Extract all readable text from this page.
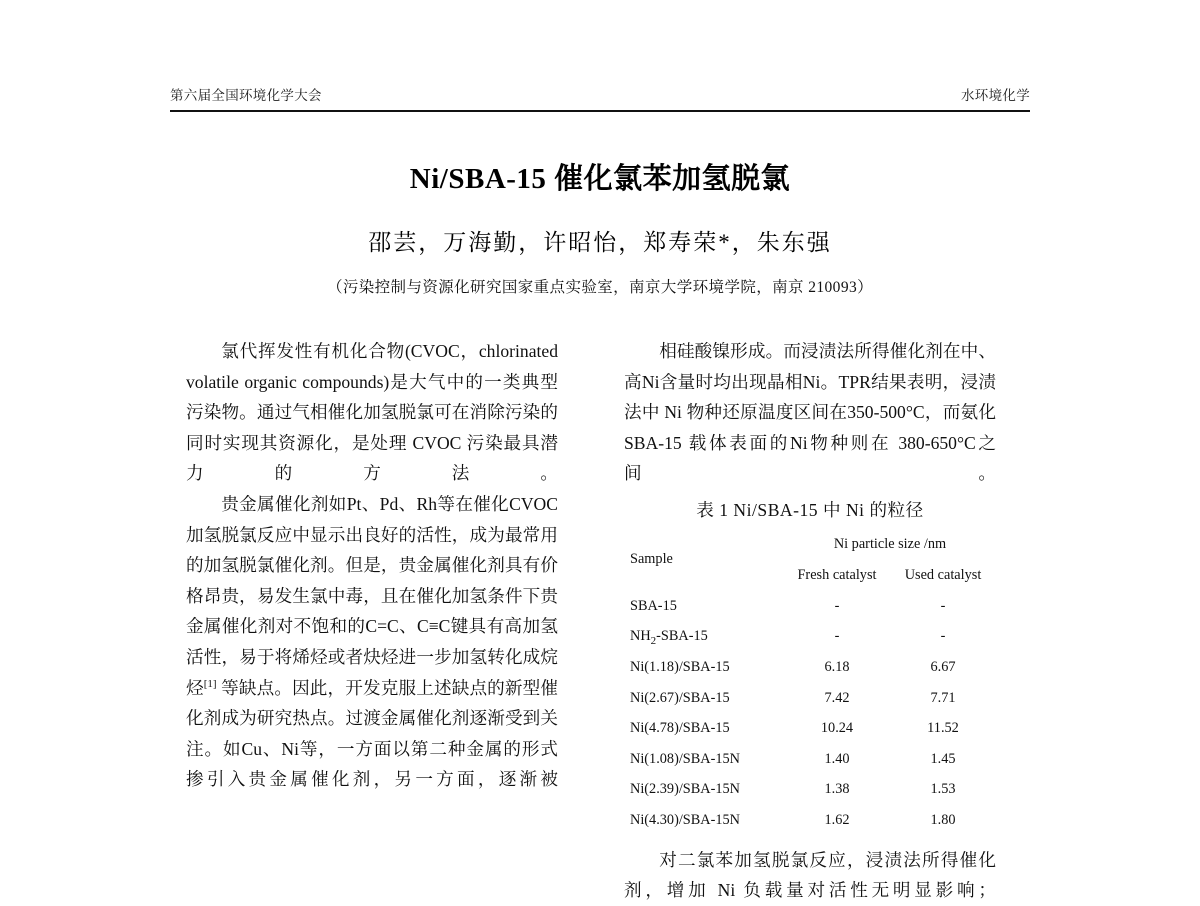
第六届全国环境化学大会	水环境化学
Ni/SBA-15 催化氯苯加氢脱氯
邵芸，万海勤，许昭怡，郑寿荣*，朱东强
（污染控制与资源化研究国家重点实验室，南京大学环境学院，南京 210093）

氯代挥发性有机化合物(CVOC，chlorinated volatile organic compounds)是大气中的一类典型污染物。通过气相催化加氢脱氯可在消除污染的同时实现其资源化，是处理 CVOC 污染最具潜力的方法。

贵金属催化剂如Pt、Pd、Rh等在催化CVOC加氢脱氯反应中显示出良好的活性，成为最常用的加氢脱氯催化剂。但是，贵金属催化剂具有价格昂贵，易发生氯中毒，且在催化加氢条件下贵金属催化剂对不饱和的C=C、C≡C键具有高加氢活性，易于将烯烃或者炔烃进一步加氢转化成烷烃[1] 等缺点。因此，开发克服上述缺点的新型催化剂成为研究热点。过渡金属催化剂逐渐受到关注。如Cu、Ni等，一方面以第二种金属的形式掺引入贵金属催化剂，另一方面，逐渐被

相硅酸镍形成。而浸渍法所得催化剂在中、高Ni含量时均出现晶相Ni。TPR结果表明，浸渍法中 Ni 物种还原温度区间在350-500°C，而氨化SBA-15 载体表面的Ni物种则在 380-650°C之间。

表 1 Ni/SBA-15 中 Ni 的粒径
Sample	Ni particle size /nm	
	Fresh catalyst	Used catalyst
SBA-15	-	-
$NH_2-SBA-15$	-	-
Ni(1.18)/SBA-15	6.18	6.67
Ni(2.67)/SBA-15	7.42	7.71
Ni(4.78)/SBA-15	10.24	11.52
Ni(1.08)/SBA-15N	1.40	1.45
Ni(2.39)/SBA-15N	1.38	1.53
Ni(4.30)/SBA-15N	1.62	1.80

对二氯苯加氢脱氯反应，浸渍法所得催化剂，增加 Ni 负载量对活性无明显影响；
